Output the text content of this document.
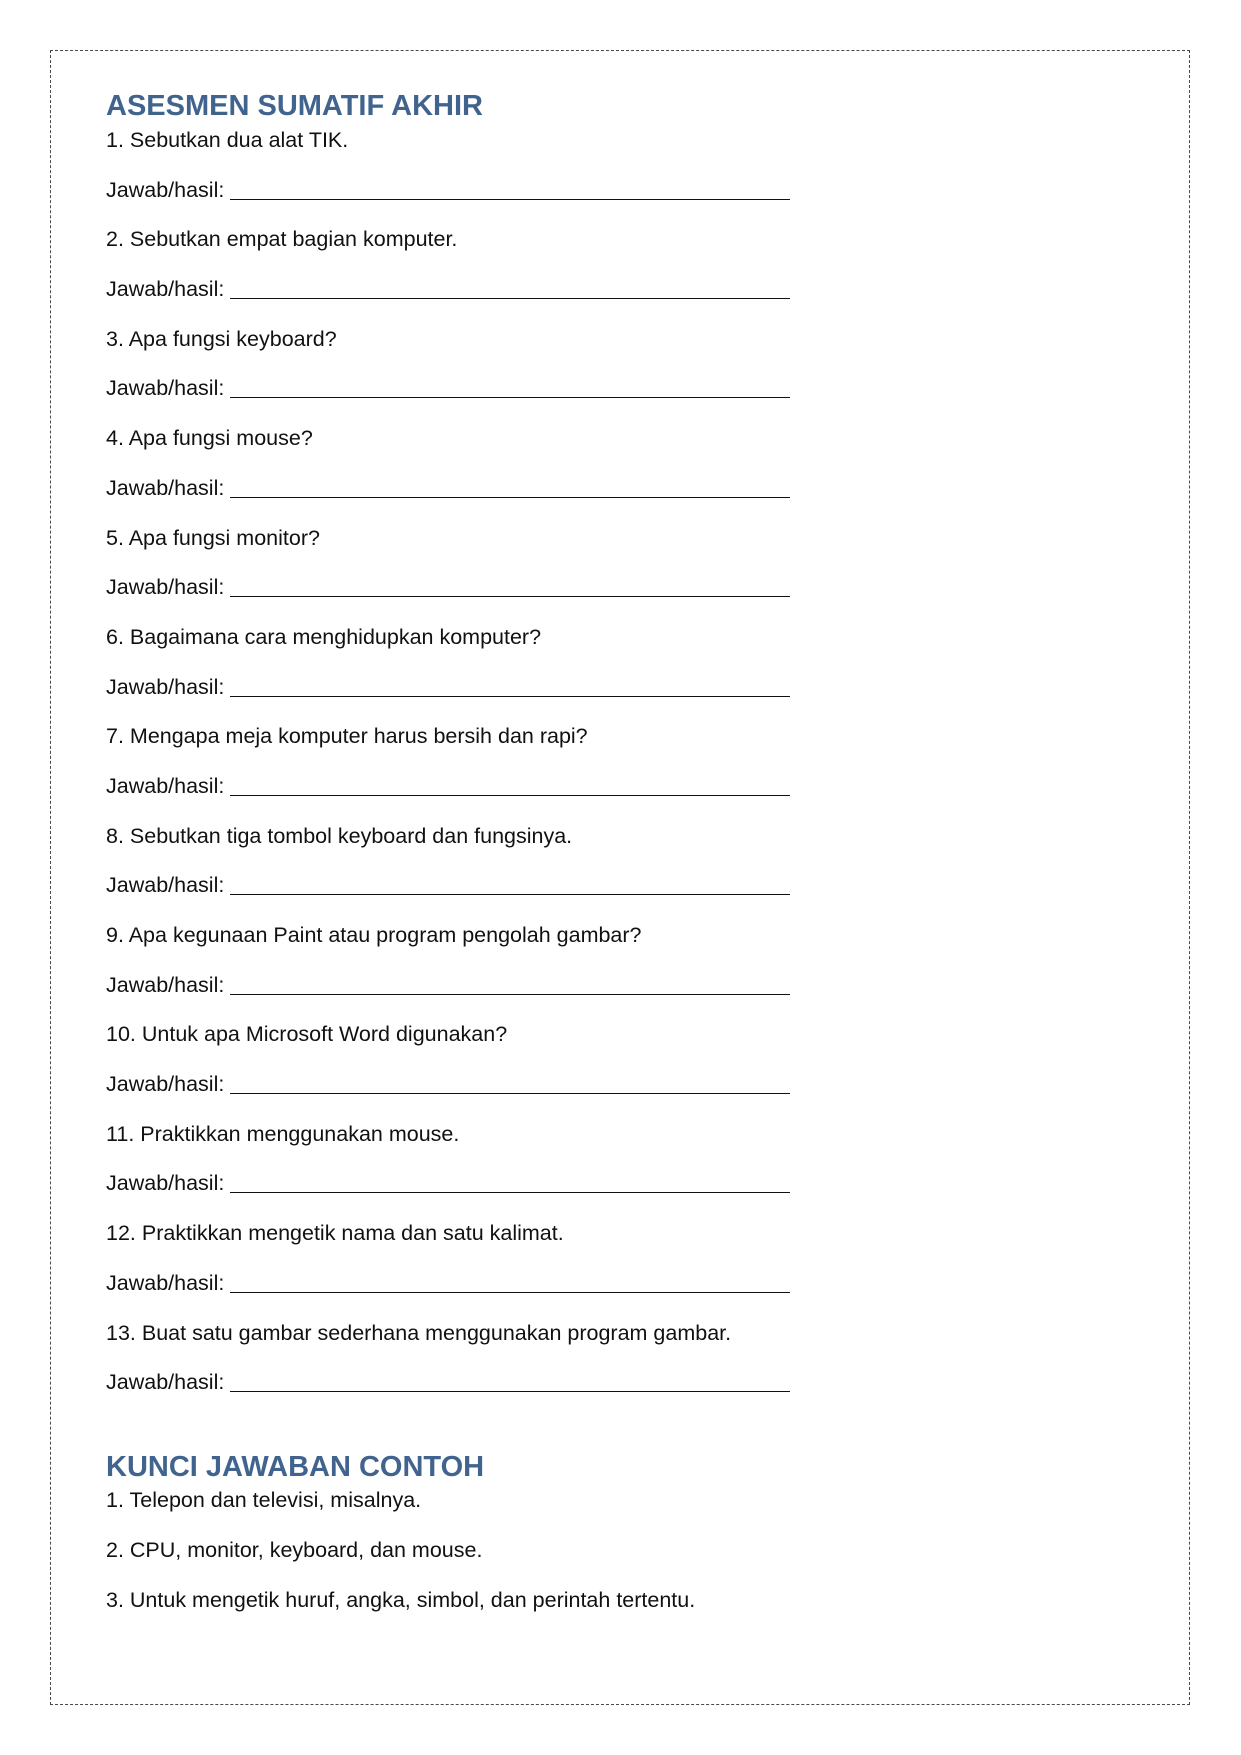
ASESMEN SUMATIF AKHIR
1. Sebutkan dua alat TIK.
Jawab/hasil:
2. Sebutkan empat bagian komputer.
Jawab/hasil:
3. Apa fungsi keyboard?
Jawab/hasil:
4. Apa fungsi mouse?
Jawab/hasil:
5. Apa fungsi monitor?
Jawab/hasil:
6. Bagaimana cara menghidupkan komputer?
Jawab/hasil:
7. Mengapa meja komputer harus bersih dan rapi?
Jawab/hasil:
8. Sebutkan tiga tombol keyboard dan fungsinya.
Jawab/hasil:
9. Apa kegunaan Paint atau program pengolah gambar?
Jawab/hasil:
10. Untuk apa Microsoft Word digunakan?
Jawab/hasil:
11. Praktikkan menggunakan mouse.
Jawab/hasil:
12. Praktikkan mengetik nama dan satu kalimat.
Jawab/hasil:
13. Buat satu gambar sederhana menggunakan program gambar.
Jawab/hasil:
KUNCI JAWABAN CONTOH
1. Telepon dan televisi, misalnya.
2. CPU, monitor, keyboard, dan mouse.
3. Untuk mengetik huruf, angka, simbol, dan perintah tertentu.
